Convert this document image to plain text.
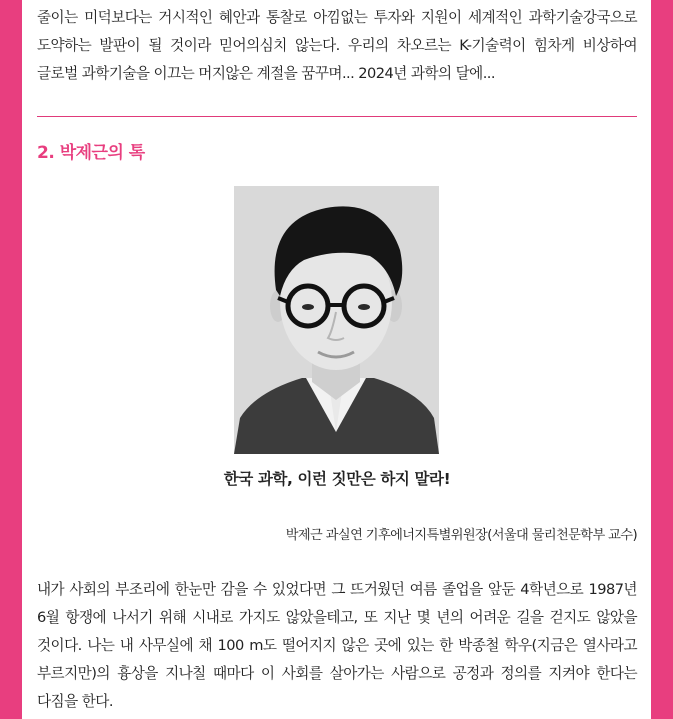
줄이는 미덕보다는 거시적인 혜안과 통찰로 아낌없는 투자와 지원이 세계적인 과학기술강국으로 도약하는 발판이 될 것이라 믿어의심치 않는다. 우리의 차오르는 K-기술력이 힘차게 비상하여 글로벌 과학기술을 이끄는 머지않은 계절을 꿈꾸며... 2024년 과학의 달에...

2. 박제근의 톡
한국 과학, 이런 짓만은 하지 말라!

박제근 과실연 기후에너지특별위원장(서울대 물리천문학부 교수)

내가 사회의 부조리에 한눈만 감을 수 있었다면 그 뜨거웠던 여름 졸업을 앞둔 4학년으로 1987년 6월 항쟁에 나서기 위해 시내로 가지도 않았을테고, 또 지난 몇 년의 어려운 길을 걷지도 않았을 것이다. 나는 내 사무실에 채 100 m도 떨어지지 않은 곳에 있는 한 박종철 학우(지금은 열사라고 부르지만)의 흉상을 지나칠 때마다 이 사회를 살아가는 사람으로 공정과 정의를 지켜야 한다는 다짐을 한다.
